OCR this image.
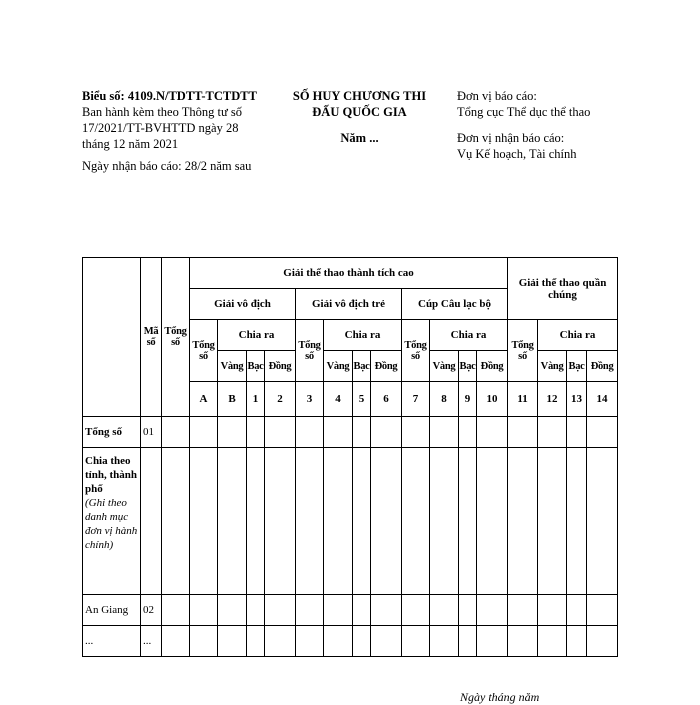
Biểu số: 4109.N/TDTT-TCTDTT

Ban hành kèm theo Thông tư số 17/2021/TT-BVHTTD ngày 28 tháng 12 năm 2021

Ngày nhận báo cáo: 28/2 năm sau

SỐ HUY CHƯƠNG THI ĐẤU QUỐC GIA
Năm ...

Đơn vị báo cáo:

Tổng cục Thể dục thể thao

Đơn vị nhận báo cáo:

Vụ Kế hoạch, Tài chính

	Mã số	Tổng số	Giải thể thao thành tích cao												Giải thể thao quần chúng				
			Giải vô địch				Giải vô địch trẻ				Cúp Câu lạc bộ								
			Tổng số	Chia ra			Tổng số	Chia ra			Tổng số	Chia ra			Tổng số	Chia ra			
				Vàng	Bạc	Đồng		Vàng	Bạc	Đồng		Vàng	Bạc	Đồng		Vàng	Bạc	Đồng	
			A	B	1	2	3	4	5	6	7	8	9	10	11	12	13	14			
Tổng số	01																		

Chia theo tỉnh, thành phố
(Ghi theo danh mục đơn vị hành chính)																			

An Giang	02																		
...	...																		
Ngày tháng năm
